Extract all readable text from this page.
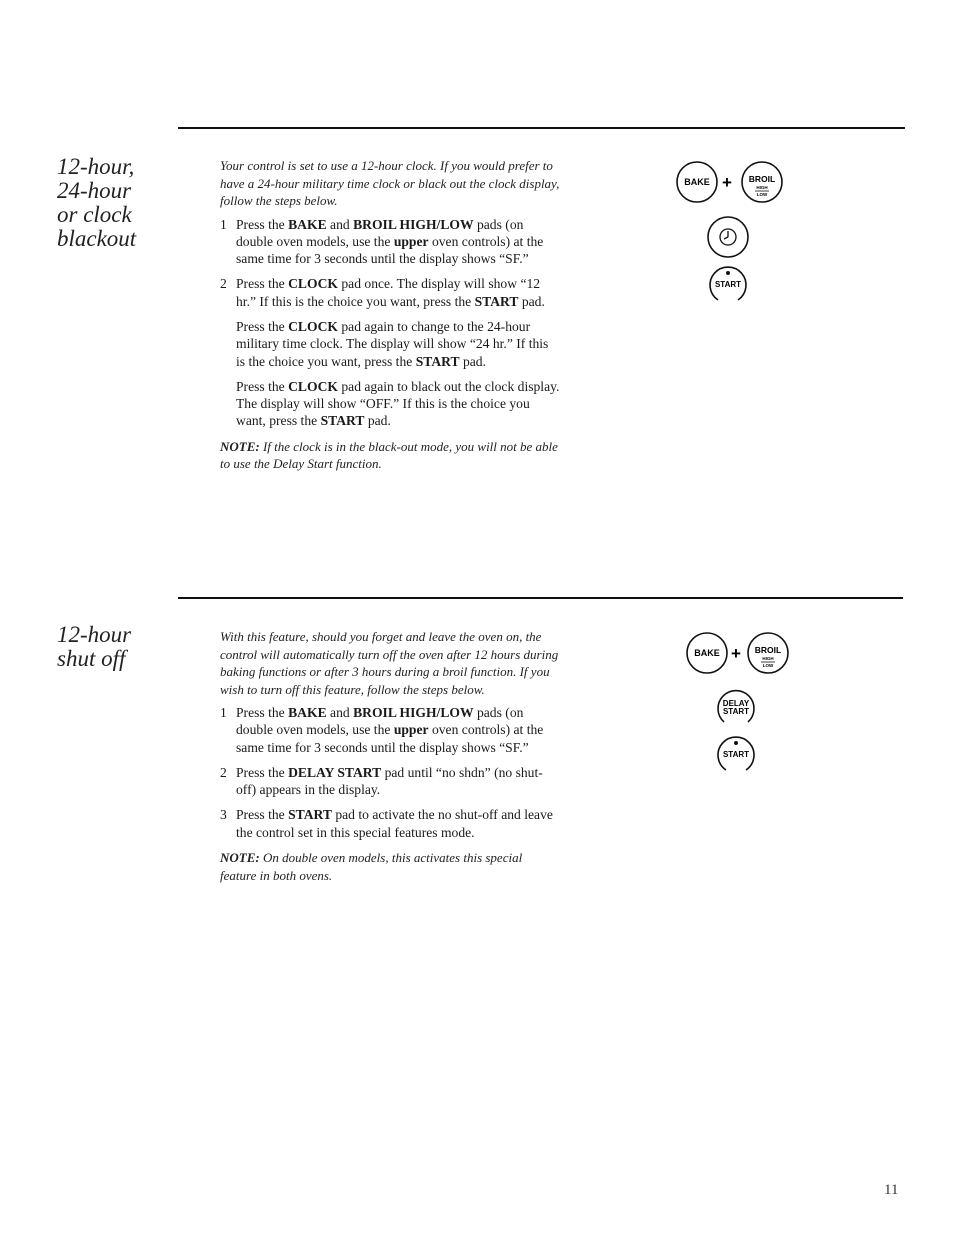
12-hour,
24-hour
or clock
blackout

Your control is set to use a 12-hour clock. If you would prefer to have a 24-hour military time clock or black out the clock display, follow the steps below.

1 Press the BAKE and BROIL HIGH/LOW pads (on double oven models, use the upper oven controls) at the same time for 3 seconds until the display shows “SF.”

2 Press the CLOCK pad once. The display will show “12 hr.” If this is the choice you want, press the START pad.

Press the CLOCK pad again to change to the 24-hour military time clock. The display will show “24 hr.” If this is the choice you want, press the START pad.

Press the CLOCK pad again to black out the clock display. The display will show “OFF.” If this is the choice you want, press the START pad.

NOTE: If the clock is in the black-out mode, you will not be able to use the Delay Start function.

BAKE + BROIL
HIGH
LOW
START
12-hour
shut off

With this feature, should you forget and leave the oven on, the control will automatically turn off the oven after 12 hours during baking functions or after 3 hours during a broil function. If you wish to turn off this feature, follow the steps below.

1 Press the BAKE and BROIL HIGH/LOW pads (on double oven models, use the upper oven controls) at the same time for 3 seconds until the display shows “SF.”

2 Press the DELAY START pad until “no shdn” (no shut-off) appears in the display.

3 Press the START pad to activate the no shut-off and leave the control set in this special features mode.

NOTE: On double oven models, this activates this special feature in both ovens.

BAKE + BROIL
HIGH
LOW
DELAY
START
START
11
